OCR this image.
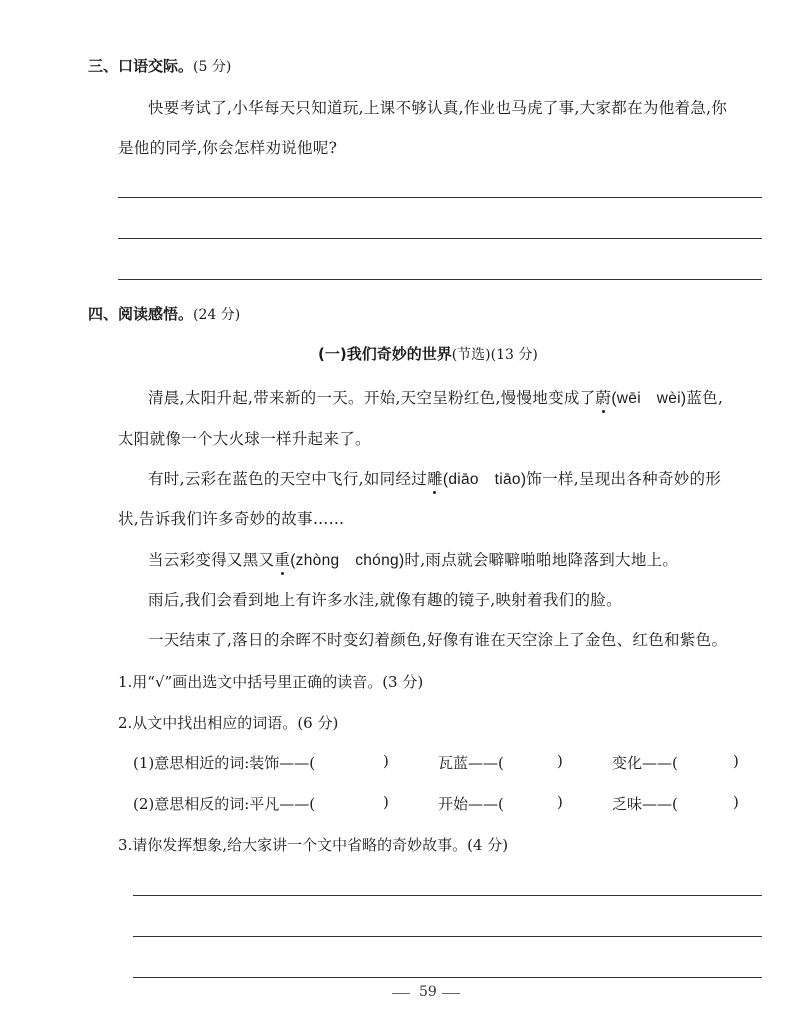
三、口语交际。(5 分)
快要考试了,小华每天只知道玩,上课不够认真,作业也马虎了事,大家都在为他着急,你
是他的同学,你会怎样劝说他呢?
四、阅读感悟。(24 分)
(一)我们奇妙的世界(节选)(13 分)
清晨,太阳升起,带来新的一天。开始,天空呈粉红色,慢慢地变成了蔚(wēi　wèi)蓝色,
太阳就像一个大火球一样升起来了。
有时,云彩在蓝色的天空中飞行,如同经过雕(diāo　tiāo)饰一样,呈现出各种奇妙的形
状,告诉我们许多奇妙的故事……
当云彩变得又黑又重(zhòng　chóng)时,雨点就会噼噼啪啪地降落到大地上。
雨后,我们会看到地上有许多水洼,就像有趣的镜子,映射着我们的脸。
一天结束了,落日的余晖不时变幻着颜色,好像有谁在天空涂上了金色、红色和紫色。
1.用“√”画出选文中括号里正确的读音。(3 分)
2.从文中找出相应的词语。(6 分)
(1)意思相近的词:装饰——(	)	瓦蓝——(	)	变化——(	)
(2)意思相反的词:平凡——(	)	开始——(	)	乏味——(	)
3.请你发挥想象,给大家讲一个文中省略的奇妙故事。(4 分)
59
